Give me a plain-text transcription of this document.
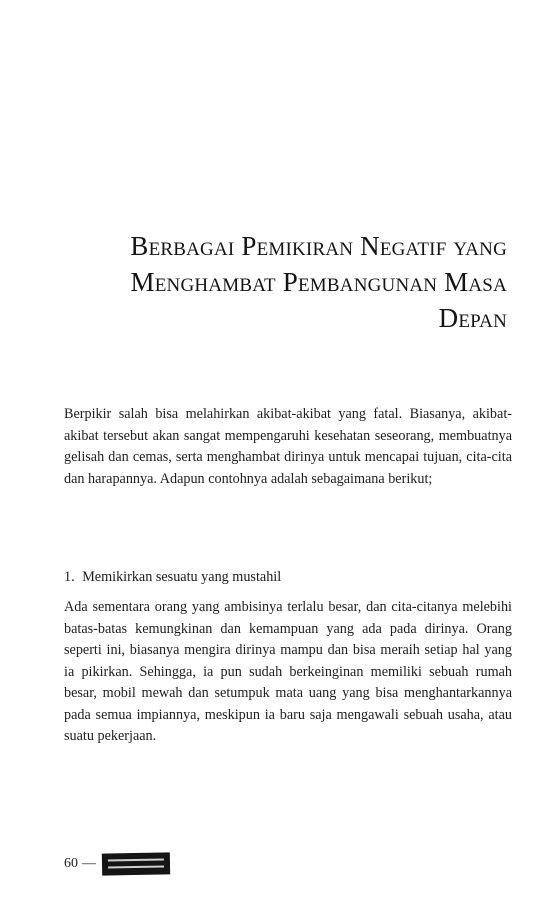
Berbagai Pemikiran Negatif yang
Menghambat Pembangunan Masa
Depan

Berpikir salah bisa melahirkan akibat-akibat yang fatal. Biasanya, akibat-akibat tersebut akan sangat mempengaruhi kesehatan seseorang, membuatnya gelisah dan cemas, serta menghambat dirinya untuk mencapai tujuan, cita-cita dan harapannya. Adapun contohnya adalah sebagaimana berikut;

1. Memikirkan sesuatu yang mustahil

Ada sementara orang yang ambisinya terlalu besar, dan cita-citanya melebihi batas-batas kemungkinan dan kemampuan yang ada pada dirinya. Orang seperti ini, biasanya mengira dirinya mampu dan bisa meraih setiap hal yang ia pikirkan. Sehingga, ia pun sudah berkeinginan memiliki sebuah rumah besar, mobil mewah dan setumpuk mata uang yang bisa menghantarkannya pada semua impiannya, meskipun ia baru saja mengawali sebuah usaha, atau suatu pekerjaan.

60 —
